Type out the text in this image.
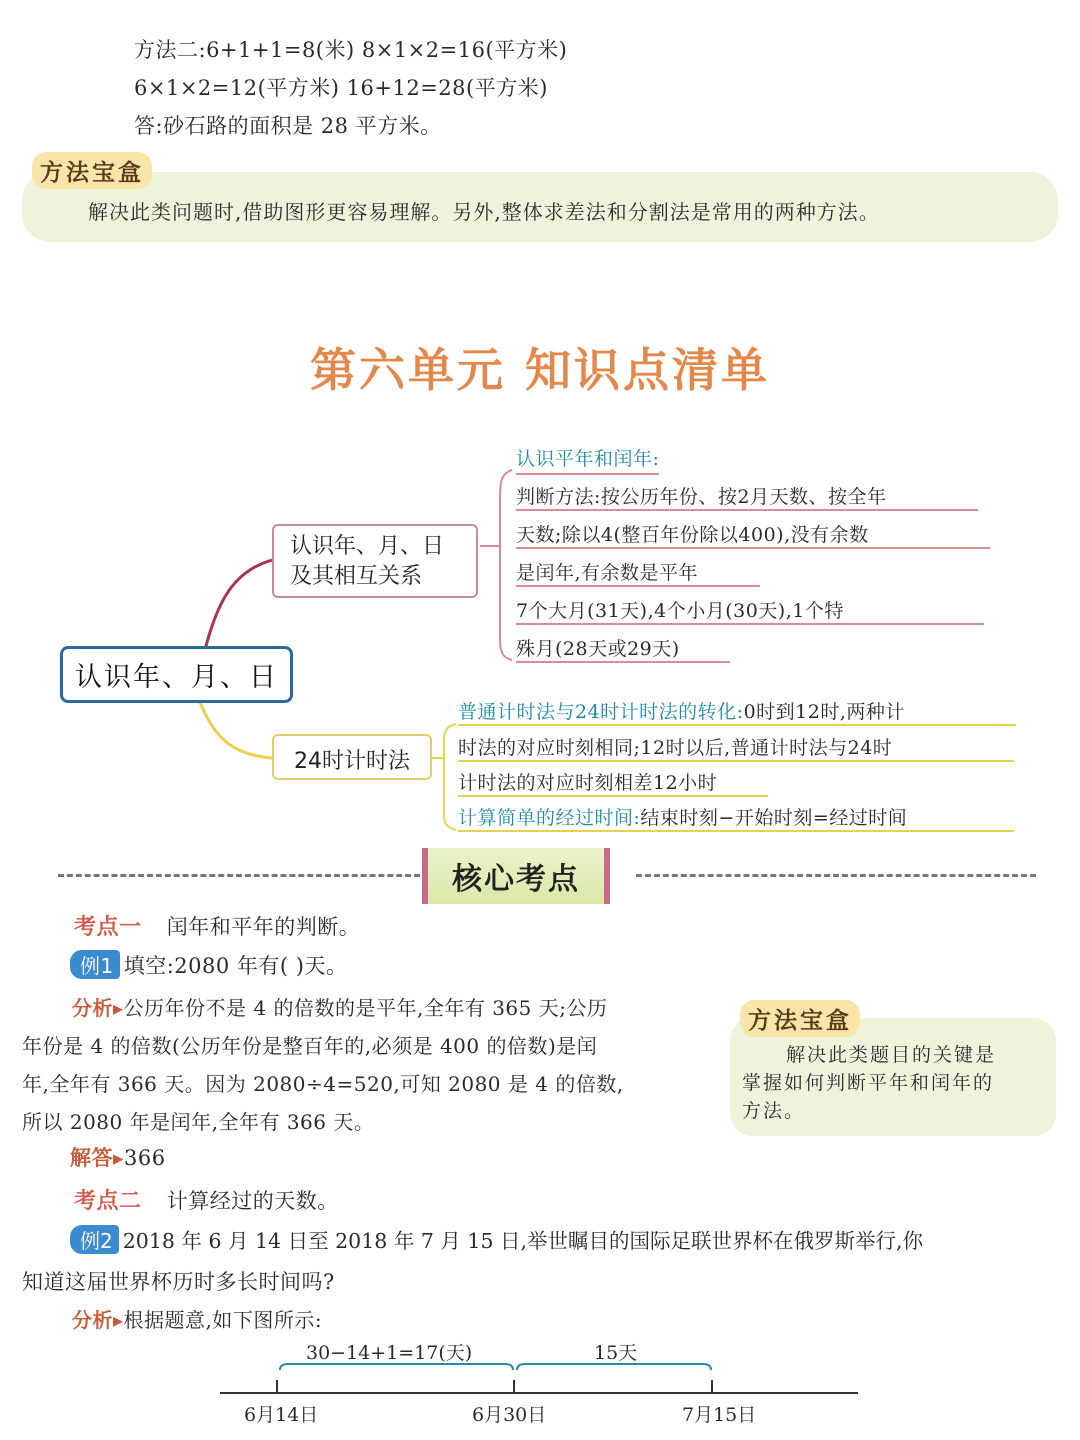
方法二:6+1+1=8(米) 8×1×2=16(平方米)
6×1×2=12(平方米) 16+12=28(平方米)
答:砂石路的面积是 28 平方米。
方法宝盒
解决此类问题时,借助图形更容易理解。另外,整体求差法和分割法是常用的两种方法。
第六单元 知识点清单
认识年、月、日
认识年、月、日
及其相互关系
认识平年和闰年:
判断方法:按公历年份、按2月天数、按全年
天数;除以4(整百年份除以400),没有余数
是闰年,有余数是平年
7个大月(31天),4个小月(30天),1个特
殊月(28天或29天)
24时计时法
普通计时法与24时计时法的转化:0时到12时,两种计
时法的对应时刻相同;12时以后,普通计时法与24时
计时法的对应时刻相差12小时
计算简单的经过时间:结束时刻−开始时刻=经过时间
核心考点
考点一 闰年和平年的判断。
例1 填空:2080 年有( )天。
分析▸公历年份不是 4 的倍数的是平年,全年有 365 天;公历
年份是 4 的倍数(公历年份是整百年的,必须是 400 的倍数)是闰
年,全年有 366 天。因为 2080÷4=520,可知 2080 是 4 的倍数,
所以 2080 年是闰年,全年有 366 天。
解答▸366
方法宝盒
解决此类题目的关键是
掌握如何判断平年和闰年的
方法。
考点二 计算经过的天数。
例2 2018 年 6 月 14 日至 2018 年 7 月 15 日,举世瞩目的国际足联世界杯在俄罗斯举行,你
知道这届世界杯历时多长时间吗?
分析▸根据题意,如下图所示:
30−14+1=17(天)	15天
6月14日	6月30日	7月15日
